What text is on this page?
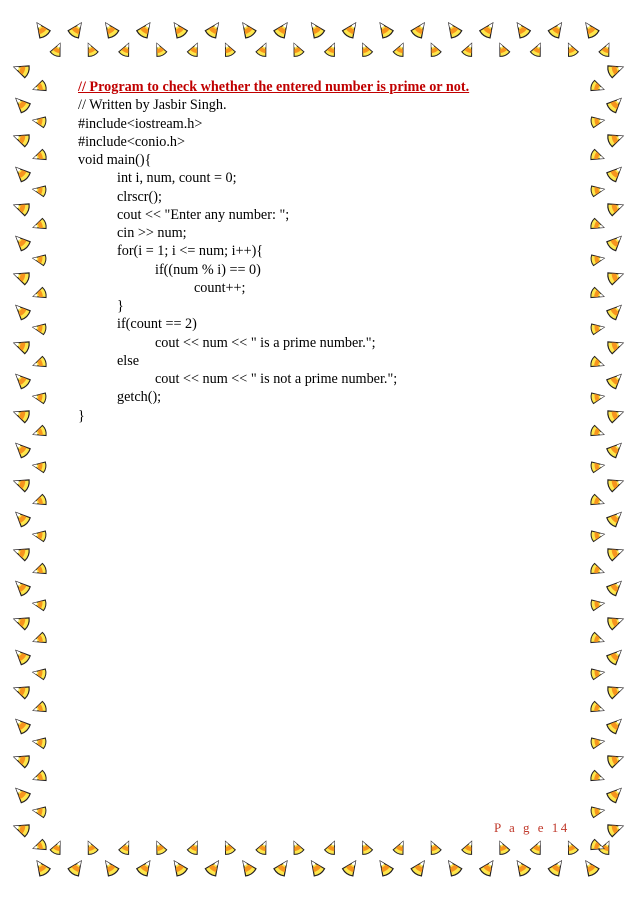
// Program to check whether the entered number is prime or not.
// Written by Jasbir Singh.
#include<iostream.h>
#include<conio.h>
void main(){
int i, num, count = 0;
clrscr();
cout << "Enter any number: ";
cin >> num;
for(i = 1; i <= num; i++){
if((num % i) == 0)
count++;
}
if(count == 2)
cout << num << " is a prime number.";
else
cout << num << " is not a prime number.";
getch();
}
P a g e 14
